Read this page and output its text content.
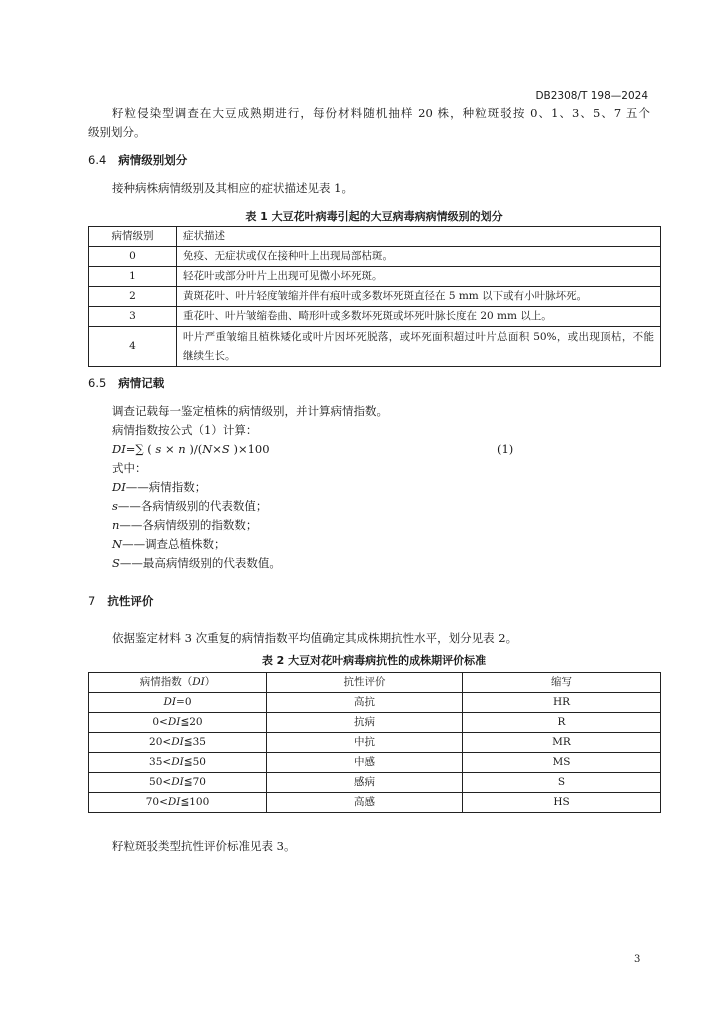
DB2308/T 198—2024
籽粒侵染型调查在大豆成熟期进行，每份材料随机抽样 20 株，种粒斑驳按 0、1、3、5、7 五个
级别划分。
6.4 病情级别划分
接种病株病情级别及其相应的症状描述见表 1。
表 1 大豆花叶病毒引起的大豆病毒病病情级别的划分
病情级别	症状描述
0	免疫、无症状或仅在接种叶上出现局部枯斑。
1	轻花叶或部分叶片上出现可见微小坏死斑。
2	黄斑花叶、叶片轻度皱缩并伴有痕叶或多数坏死斑直径在 5 mm 以下或有小叶脉坏死。
3	重花叶、叶片皱缩卷曲、畸形叶或多数坏死斑或坏死叶脉长度在 20 mm 以上。
4	叶片严重皱缩且植株矮化或叶片因坏死脱落，或坏死面积超过叶片总面积 50%，或出现顶枯，不能
继续生长。
6.5 病情记载
调查记载每一鉴定植株的病情级别，并计算病情指数。
病情指数按公式（1）计算：
DI=∑ ( s × n )/(N×S )×100	(1)
式中：
DI——病情指数；
s——各病情级别的代表数值；
n——各病情级别的指数数；
N——调查总植株数；
S——最高病情级别的代表数值。
7 抗性评价
依据鉴定材料 3 次重复的病情指数平均值确定其成株期抗性水平，划分见表 2。
表 2 大豆对花叶病毒病抗性的成株期评价标准
病情指数（DI）	抗性评价	缩写
DI=0	高抗	HR
0<DI≦20	抗病	R
20<DI≦35	中抗	MR
35<DI≦50	中感	MS
50<DI≦70	感病	S
70<DI≦100	高感	HS
籽粒斑驳类型抗性评价标准见表 3。
3
